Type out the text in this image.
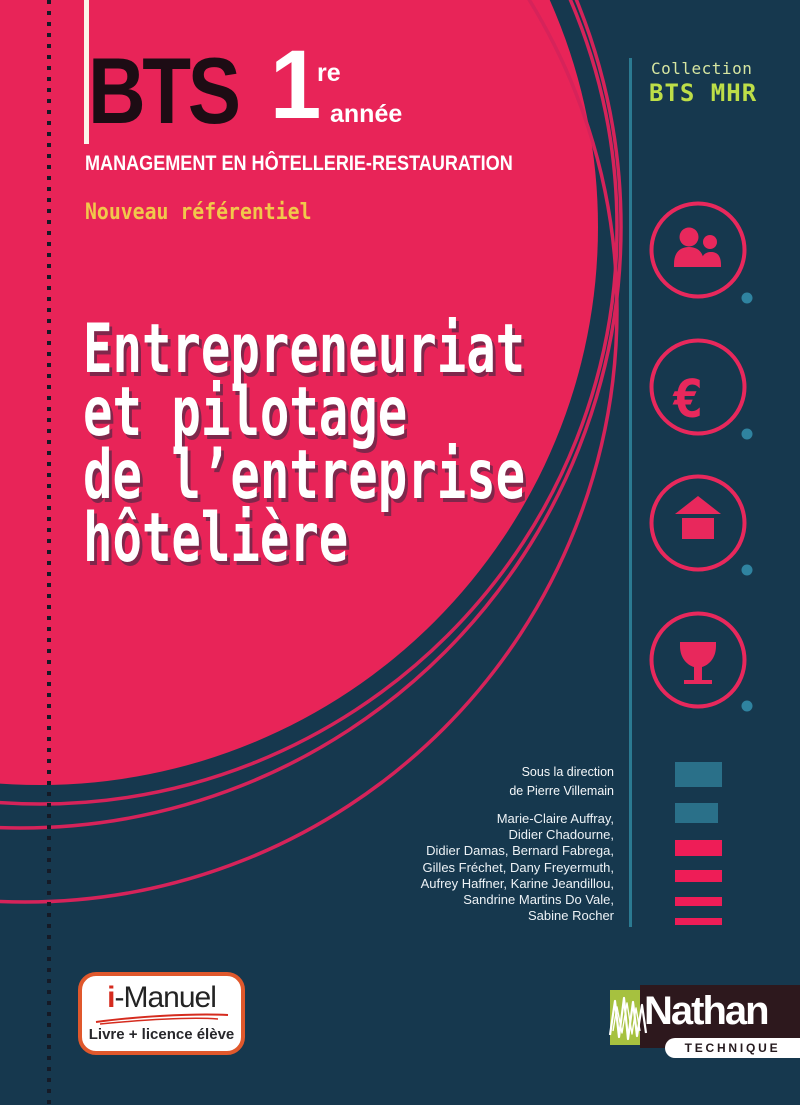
€
BTS 1
re
année
MANAGEMENT EN HÔTELLERIE-RESTAURATION
Nouveau référentiel
Collection
BTS MHR
Entrepreneuriat
et pilotage
de l’entreprise
hôtelière
Sous la direction
de Pierre Villemain
Marie-Claire Auffray,
Didier Chadourne,
Didier Damas, Bernard Fabrega,
Gilles Fréchet, Dany Freyermuth,
Aufrey Haffner, Karine Jeandillou,
Sandrine Martins Do Vale,
Sabine Rocher
i-Manuel
Livre + licence élève
Nathan
TECHNIQUE
